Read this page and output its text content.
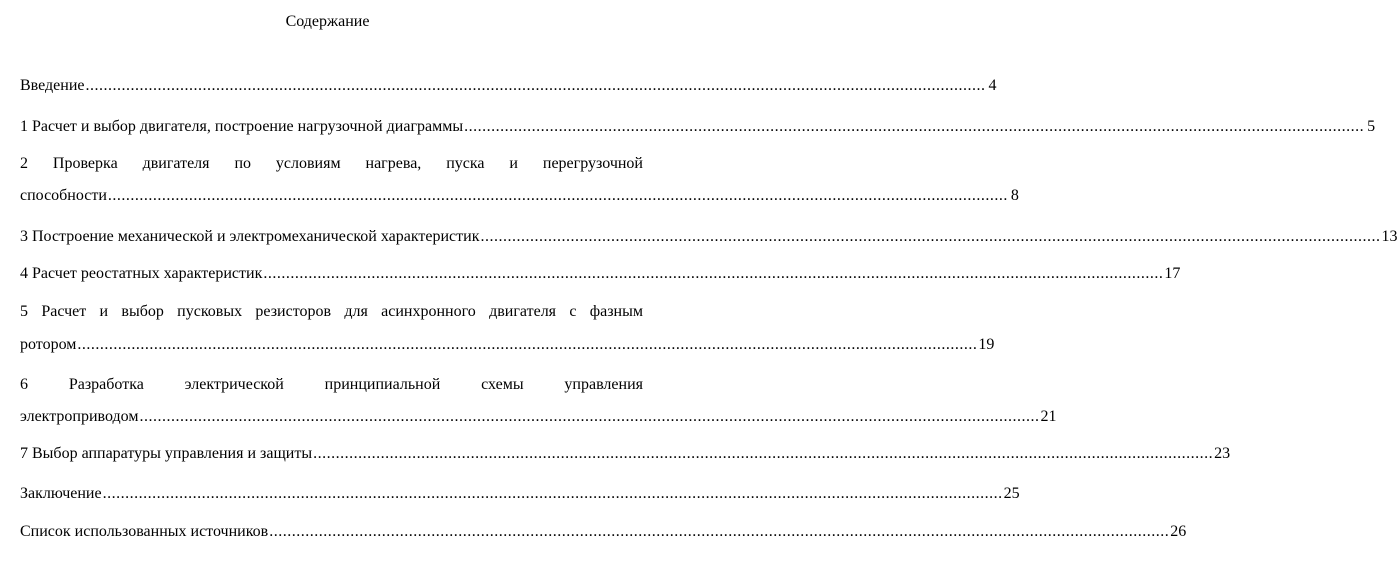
Содержание
Введение ........................................................................................................................................................................................................ 4
1 Расчет и выбор двигателя, построение нагрузочной диаграммы ........................................................................................................................................................................................................ 5
2 Проверка двигателя по условиям нагрева, пуска и перегрузочной
способности ........................................................................................................................................................................................................ 8
3 Построение механической и электромеханической характеристик ........................................................................................................................................................................................................ 13
4 Расчет реостатных характеристик ........................................................................................................................................................................................................ 17
5 Расчет и выбор пусковых резисторов для асинхронного двигателя с фазным
ротором ........................................................................................................................................................................................................ 19
6 Разработка электрической принципиальной схемы управления
электроприводом ........................................................................................................................................................................................................ 21
7 Выбор аппаратуры управления и защиты ........................................................................................................................................................................................................ 23
Заключение ........................................................................................................................................................................................................ 25
Список использованных источников ........................................................................................................................................................................................................ 26
